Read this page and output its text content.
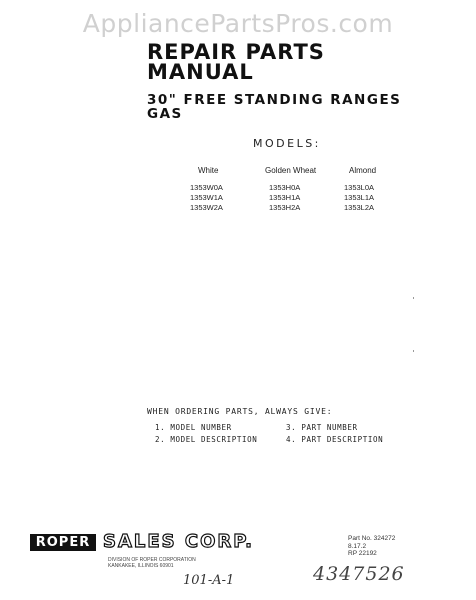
AppliancePartsPros.com
REPAIR PARTS
MANUAL
30" FREE STANDING RANGES
GAS
MODELS:
White
1353W0A
1353W1A
1353W2A
Golden Wheat
1353H0A
1353H1A
1353H2A
Almond
1353L0A
1353L1A
1353L2A
WHEN ORDERING PARTS, ALWAYS GIVE:
1. MODEL NUMBER
2. MODEL DESCRIPTION
3. PART NUMBER
4. PART DESCRIPTION
ROPER SALES CORP.
DIVISION OF ROPER CORPORATION
KANKAKEE, ILLINOIS 60901
Part No. 324272
8.17.2
RP 22192
101-A-1	4347526
